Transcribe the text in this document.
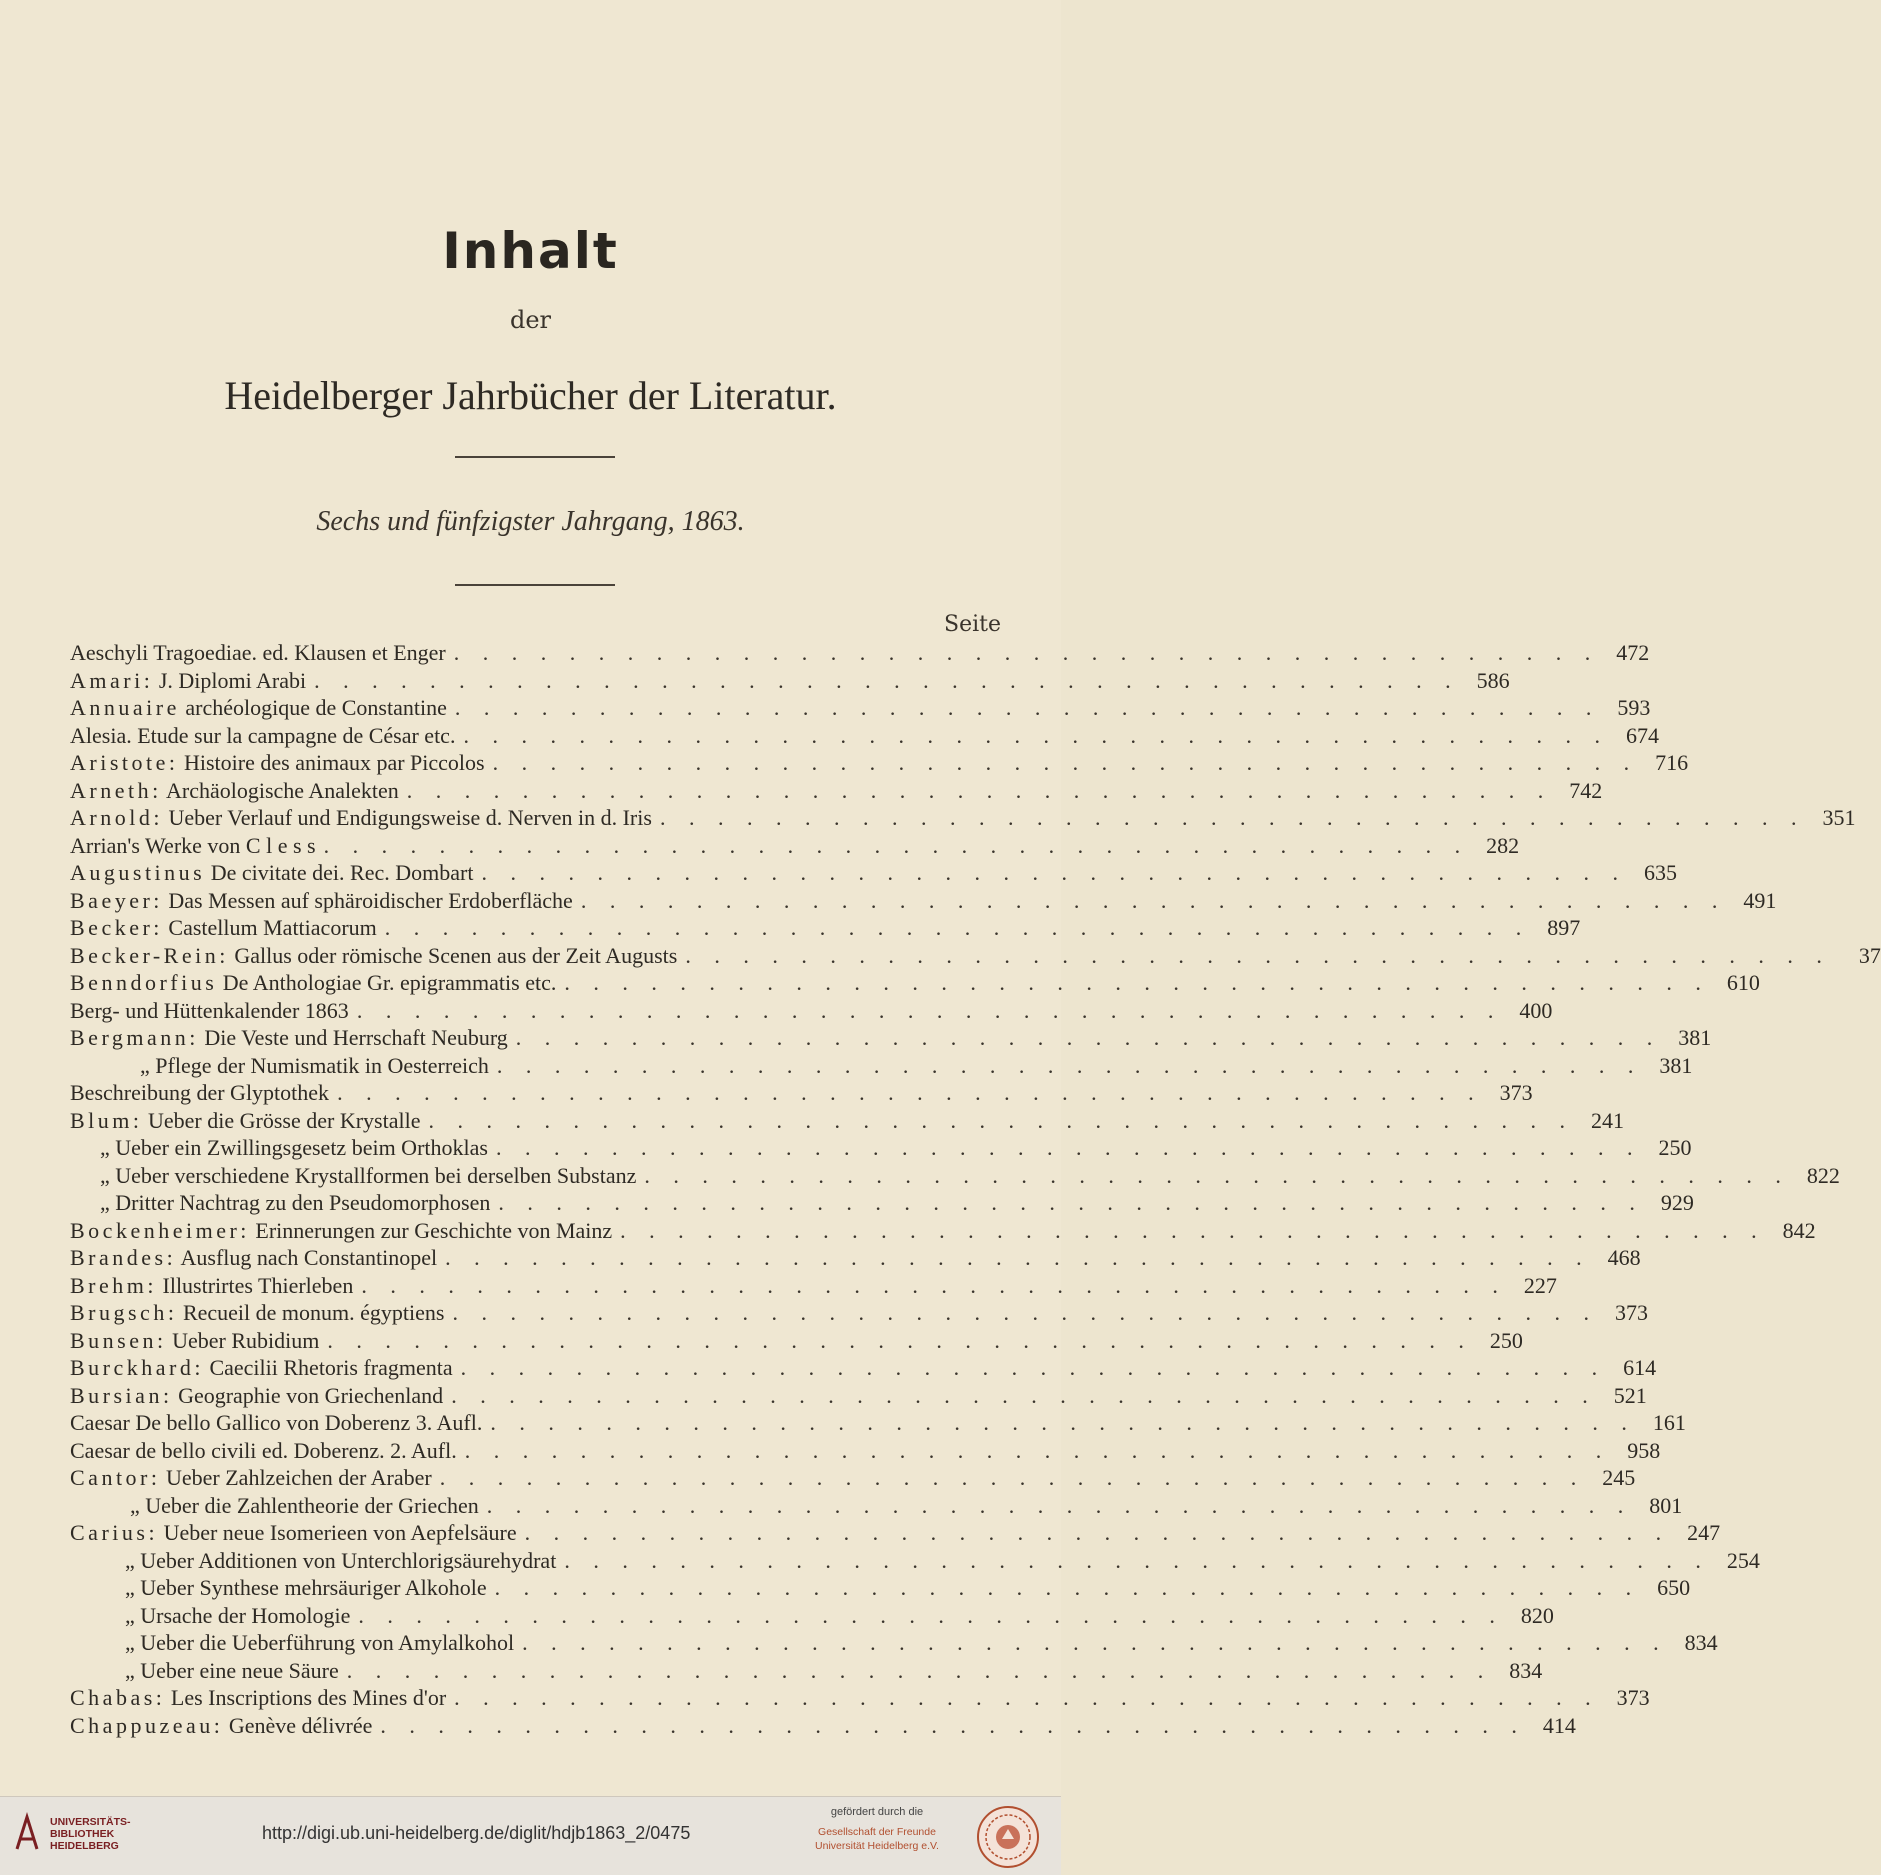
Inhalt
der
Heidelberger Jahrbücher der Literatur.
Sechs und fünfzigster Jahrgang, 1863.
Seite
Aeschyli Tragoediae. ed. Klausen et Enger . . . . . . . . . . . . . . . . . . . . . . . . . . . . . . . . . . . . . . . . 472
Amari: J. Diplomi Arabi . . . . . . . . . . . . . . . . . . . . . . . . . . . . . . . . . . . . . . . . 586
Annuaire archéologique de Constantine . . . . . . . . . . . . . . . . . . . . . . . . . . . . . . . . . . . . . . . . 593
Alesia. Etude sur la campagne de César etc. . . . . . . . . . . . . . . . . . . . . . . . . . . . . . . . . . . . . . . . . 674
Aristote: Histoire des animaux par Piccolos . . . . . . . . . . . . . . . . . . . . . . . . . . . . . . . . . . . . . . . . 716
Arneth: Archäologische Analekten . . . . . . . . . . . . . . . . . . . . . . . . . . . . . . . . . . . . . . . . 742
Arnold: Ueber Verlauf und Endigungsweise d. Nerven in d. Iris . . . . . . . . . . . . . . . . . . . . . . . . . . . . . . . . . . . . . . . . 351
Arrian's Werke von C l e s s . . . . . . . . . . . . . . . . . . . . . . . . . . . . . . . . . . . . . . . . 282
Augustinus De civitate dei. Rec. Dombart . . . . . . . . . . . . . . . . . . . . . . . . . . . . . . . . . . . . . . . . 635
Baeyer: Das Messen auf sphäroidischer Erdoberfläche . . . . . . . . . . . . . . . . . . . . . . . . . . . . . . . . . . . . . . . . 491
Becker: Castellum Mattiacorum . . . . . . . . . . . . . . . . . . . . . . . . . . . . . . . . . . . . . . . . 897
Becker-Rein: Gallus oder römische Scenen aus der Zeit Augusts . . . . . . . . . . . . . . . . . . . . . . . . . . . . . . . . . . . . . . . .	37
Benndorfius De Anthologiae Gr. epigrammatis etc. . . . . . . . . . . . . . . . . . . . . . . . . . . . . . . . . . . . . . . . . 610
Berg- und Hüttenkalender 1863 . . . . . . . . . . . . . . . . . . . . . . . . . . . . . . . . . . . . . . . . 400
Bergmann: Die Veste und Herrschaft Neuburg . . . . . . . . . . . . . . . . . . . . . . . . . . . . . . . . . . . . . . . . 381
„ Pflege der Numismatik in Oesterreich . . . . . . . . . . . . . . . . . . . . . . . . . . . . . . . . . . . . . . . . 381
Beschreibung der Glyptothek . . . . . . . . . . . . . . . . . . . . . . . . . . . . . . . . . . . . . . . . 373
Blum: Ueber die Grösse der Krystalle . . . . . . . . . . . . . . . . . . . . . . . . . . . . . . . . . . . . . . . . 241
„ Ueber ein Zwillingsgesetz beim Orthoklas . . . . . . . . . . . . . . . . . . . . . . . . . . . . . . . . . . . . . . . . 250
„ Ueber verschiedene Krystallformen bei derselben Substanz . . . . . . . . . . . . . . . . . . . . . . . . . . . . . . . . . . . . . . . . 822
„ Dritter Nachtrag zu den Pseudomorphosen . . . . . . . . . . . . . . . . . . . . . . . . . . . . . . . . . . . . . . . . 929
Bockenheimer: Erinnerungen zur Geschichte von Mainz . . . . . . . . . . . . . . . . . . . . . . . . . . . . . . . . . . . . . . . . 842
Brandes: Ausflug nach Constantinopel . . . . . . . . . . . . . . . . . . . . . . . . . . . . . . . . . . . . . . . . 468
Brehm: Illustrirtes Thierleben . . . . . . . . . . . . . . . . . . . . . . . . . . . . . . . . . . . . . . . . 227
Brugsch: Recueil de monum. égyptiens . . . . . . . . . . . . . . . . . . . . . . . . . . . . . . . . . . . . . . . . 373
Bunsen: Ueber Rubidium . . . . . . . . . . . . . . . . . . . . . . . . . . . . . . . . . . . . . . . . 250
Burckhard: Caecilii Rhetoris fragmenta . . . . . . . . . . . . . . . . . . . . . . . . . . . . . . . . . . . . . . . . 614
Bursian: Geographie von Griechenland . . . . . . . . . . . . . . . . . . . . . . . . . . . . . . . . . . . . . . . . 521
Caesar De bello Gallico von Doberenz 3. Aufl. . . . . . . . . . . . . . . . . . . . . . . . . . . . . . . . . . . . . . . . . 161
Caesar de bello civili ed. Doberenz. 2. Aufl. . . . . . . . . . . . . . . . . . . . . . . . . . . . . . . . . . . . . . . . . 958
Cantor: Ueber Zahlzeichen der Araber . . . . . . . . . . . . . . . . . . . . . . . . . . . . . . . . . . . . . . . . 245
„ Ueber die Zahlentheorie der Griechen . . . . . . . . . . . . . . . . . . . . . . . . . . . . . . . . . . . . . . . . 801
Carius: Ueber neue Isomerieen von Aepfelsäure . . . . . . . . . . . . . . . . . . . . . . . . . . . . . . . . . . . . . . . . 247
„ Ueber Additionen von Unterchlorigsäurehydrat . . . . . . . . . . . . . . . . . . . . . . . . . . . . . . . . . . . . . . . . 254
„ Ueber Synthese mehrsäuriger Alkohole . . . . . . . . . . . . . . . . . . . . . . . . . . . . . . . . . . . . . . . . 650
„ Ursache der Homologie . . . . . . . . . . . . . . . . . . . . . . . . . . . . . . . . . . . . . . . . 820
„ Ueber die Ueberführung von Amylalkohol . . . . . . . . . . . . . . . . . . . . . . . . . . . . . . . . . . . . . . . . 834
„ Ueber eine neue Säure . . . . . . . . . . . . . . . . . . . . . . . . . . . . . . . . . . . . . . . . 834
Chabas: Les Inscriptions des Mines d'or . . . . . . . . . . . . . . . . . . . . . . . . . . . . . . . . . . . . . . . . 373
Chappuzeau: Genève délivrée . . . . . . . . . . . . . . . . . . . . . . . . . . . . . . . . . . . . . . . . 414
UNIVERSITÄTS-
BIBLIOTHEK
HEIDELBERG
http://digi.ub.uni-heidelberg.de/diglit/hdjb1863_2/0475
gefördert durch die
Gesellschaft der Freunde
Universität Heidelberg e.V.
